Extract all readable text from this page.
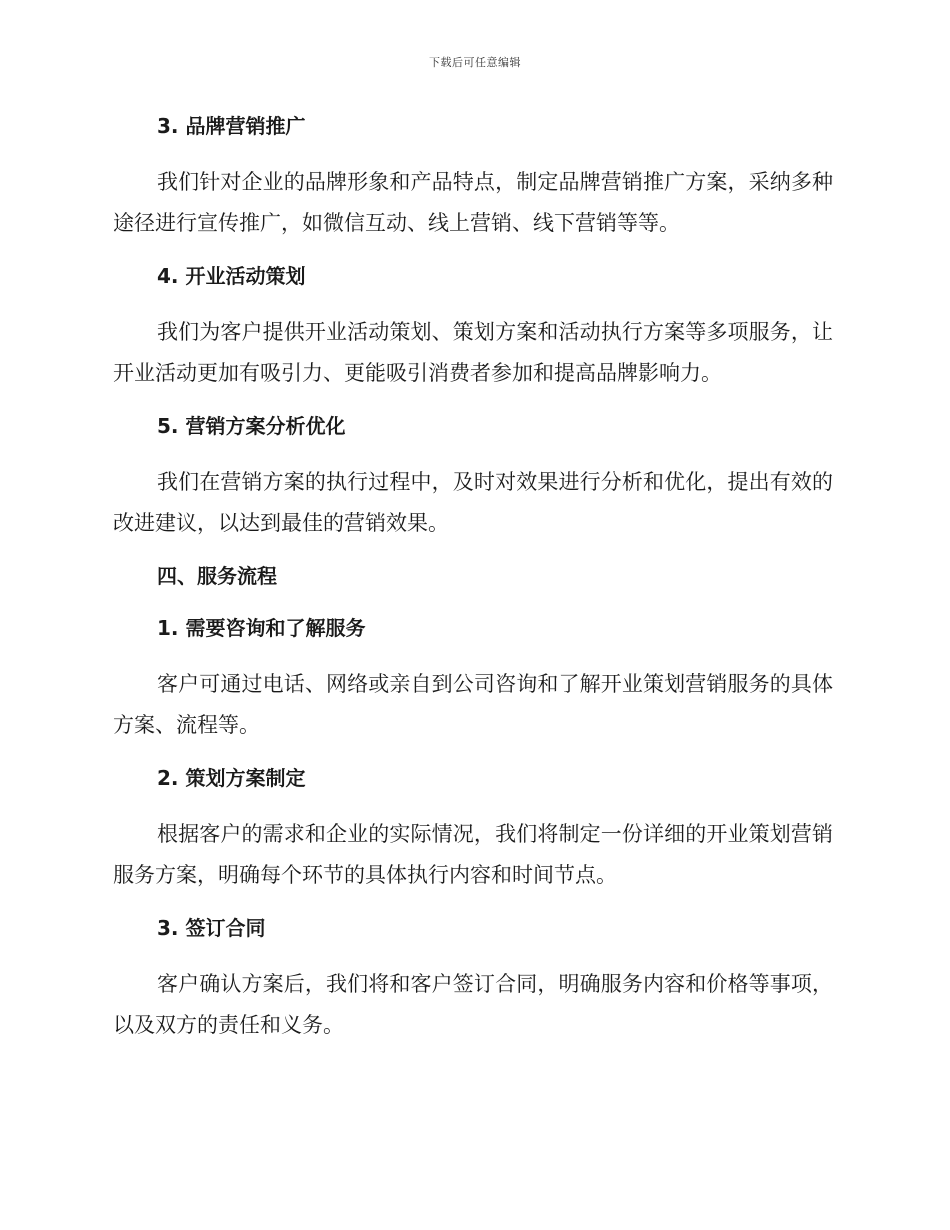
下载后可任意编辑
3. 品牌营销推广
我们针对企业的品牌形象和产品特点，制定品牌营销推广方案，采纳多种途径进行宣传推广，如微信互动、线上营销、线下营销等等。
4. 开业活动策划
我们为客户提供开业活动策划、策划方案和活动执行方案等多项服务，让开业活动更加有吸引力、更能吸引消费者参加和提高品牌影响力。
5. 营销方案分析优化
我们在营销方案的执行过程中，及时对效果进行分析和优化，提出有效的改进建议，以达到最佳的营销效果。
四、服务流程
1. 需要咨询和了解服务
客户可通过电话、网络或亲自到公司咨询和了解开业策划营销服务的具体方案、流程等。
2. 策划方案制定
根据客户的需求和企业的实际情况，我们将制定一份详细的开业策划营销服务方案，明确每个环节的具体执行内容和时间节点。
3. 签订合同
客户确认方案后，我们将和客户签订合同，明确服务内容和价格等事项，以及双方的责任和义务。
